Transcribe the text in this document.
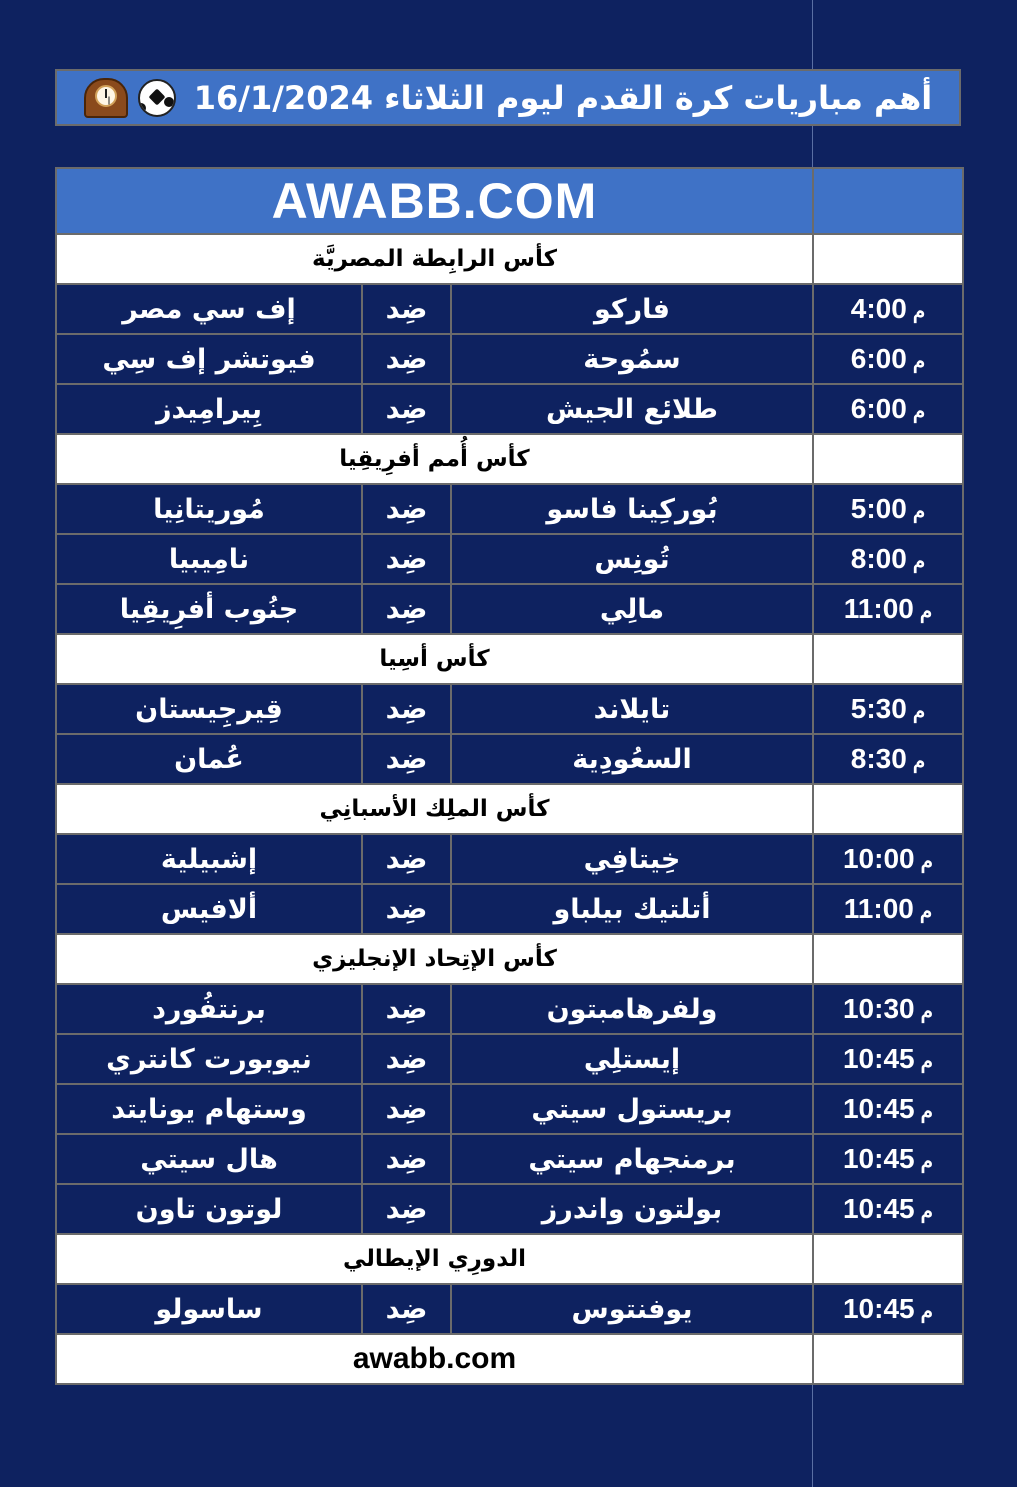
أهم مباريات كرة القدم ليوم الثلاثاء 16/1/2024
AWABB.COM			
كأس الرابِطة المصريَّة			
إف سي مصر	ضِد	فاركو	4:00 م
فيوتشر إف سِي	ضِد	سمُوحة	6:00 م
بِيرامِيدز	ضِد	طلائع الجيش	6:00 م
كأس أُمم أفرِيقِيا			
مُوريتانِيا	ضِد	بُوركِينا فاسو	5:00 م
نامِيبيا	ضِد	تُونِس	8:00 م
جنُوب أفرِيقِيا	ضِد	مالِي	11:00 م
كأس أسِيا			
قِيرجِيستان	ضِد	تايلاند	5:30 م
عُمان	ضِد	السعُودِية	8:30 م
كأس الملِك الأسبانِي			
إشبيلية	ضِد	خِيتافِي	10:00 م
ألافيس	ضِد	أتلتيك بيلباو	11:00 م
كأس الإتِحاد الإنجليزي			
برنتفُورد	ضِد	ولفرهامبتون	10:30 م
نيوبورت كانتري	ضِد	إيستلِي	10:45 م
وستهام يونايتد	ضِد	بريستول سيتي	10:45 م
هال سيتي	ضِد	برمنجهام سيتي	10:45 م
لوتون تاون	ضِد	بولتون واندرز	10:45 م
الدورِي الإيطالي			
ساسولو	ضِد	يوفنتوس	10:45 م
awabb.com			
